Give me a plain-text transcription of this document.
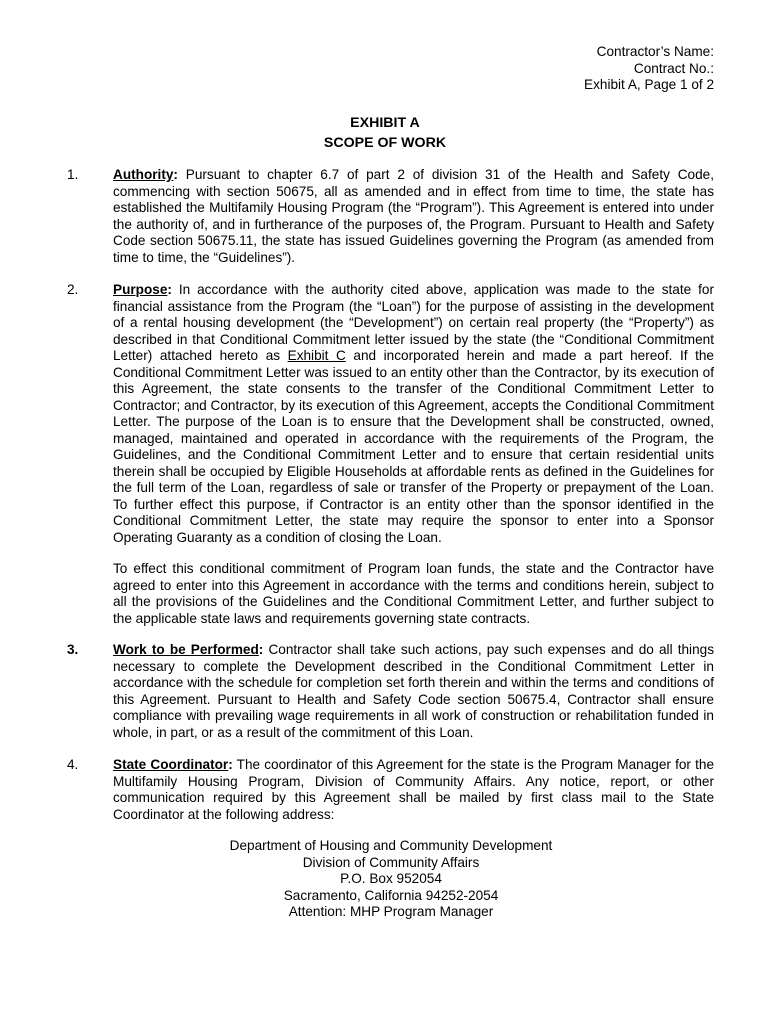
Contractor’s Name:
Contract No.:
Exhibit A, Page 1 of 2
EXHIBIT A
SCOPE OF WORK
1.	Authority: Pursuant to chapter 6.7 of part 2 of division 31 of the Health and Safety Code, commencing with section 50675, all as amended and in effect from time to time, the state has established the Multifamily Housing Program (the “Program”). This Agreement is entered into under the authority of, and in furtherance of the purposes of, the Program. Pursuant to Health and Safety Code section 50675.11, the state has issued Guidelines governing the Program (as amended from time to time, the “Guidelines”).
2.	Purpose: In accordance with the authority cited above, application was made to the state for financial assistance from the Program (the “Loan”) for the purpose of assisting in the development of a rental housing development (the “Development”) on certain real property (the “Property”) as described in that Conditional Commitment letter issued by the state (the “Conditional Commitment Letter) attached hereto as Exhibit C and incorporated herein and made a part hereof. If the Conditional Commitment Letter was issued to an entity other than the Contractor, by its execution of this Agreement, the state consents to the transfer of the Conditional Commitment Letter to Contractor; and Contractor, by its execution of this Agreement, accepts the Conditional Commitment Letter. The purpose of the Loan is to ensure that the Development shall be constructed, owned, managed, maintained and operated in accordance with the requirements of the Program, the Guidelines, and the Conditional Commitment Letter and to ensure that certain residential units therein shall be occupied by Eligible Households at affordable rents as defined in the Guidelines for the full term of the Loan, regardless of sale or transfer of the Property or prepayment of the Loan. To further effect this purpose, if Contractor is an entity other than the sponsor identified in the Conditional Commitment Letter, the state may require the sponsor to enter into a Sponsor Operating Guaranty as a condition of closing the Loan.
To effect this conditional commitment of Program loan funds, the state and the Contractor have agreed to enter into this Agreement in accordance with the terms and conditions herein, subject to all the provisions of the Guidelines and the Conditional Commitment Letter, and further subject to the applicable state laws and requirements governing state contracts.
3.	Work to be Performed: Contractor shall take such actions, pay such expenses and do all things necessary to complete the Development described in the Conditional Commitment Letter in accordance with the schedule for completion set forth therein and within the terms and conditions of this Agreement. Pursuant to Health and Safety Code section 50675.4, Contractor shall ensure compliance with prevailing wage requirements in all work of construction or rehabilitation funded in whole, in part, or as a result of the commitment of this Loan.
4.	State Coordinator: The coordinator of this Agreement for the state is the Program Manager for the Multifamily Housing Program, Division of Community Affairs. Any notice, report, or other communication required by this Agreement shall be mailed by first class mail to the State Coordinator at the following address:
Department of Housing and Community Development
Division of Community Affairs
P.O. Box 952054
Sacramento, California 94252-2054
Attention: MHP Program Manager
